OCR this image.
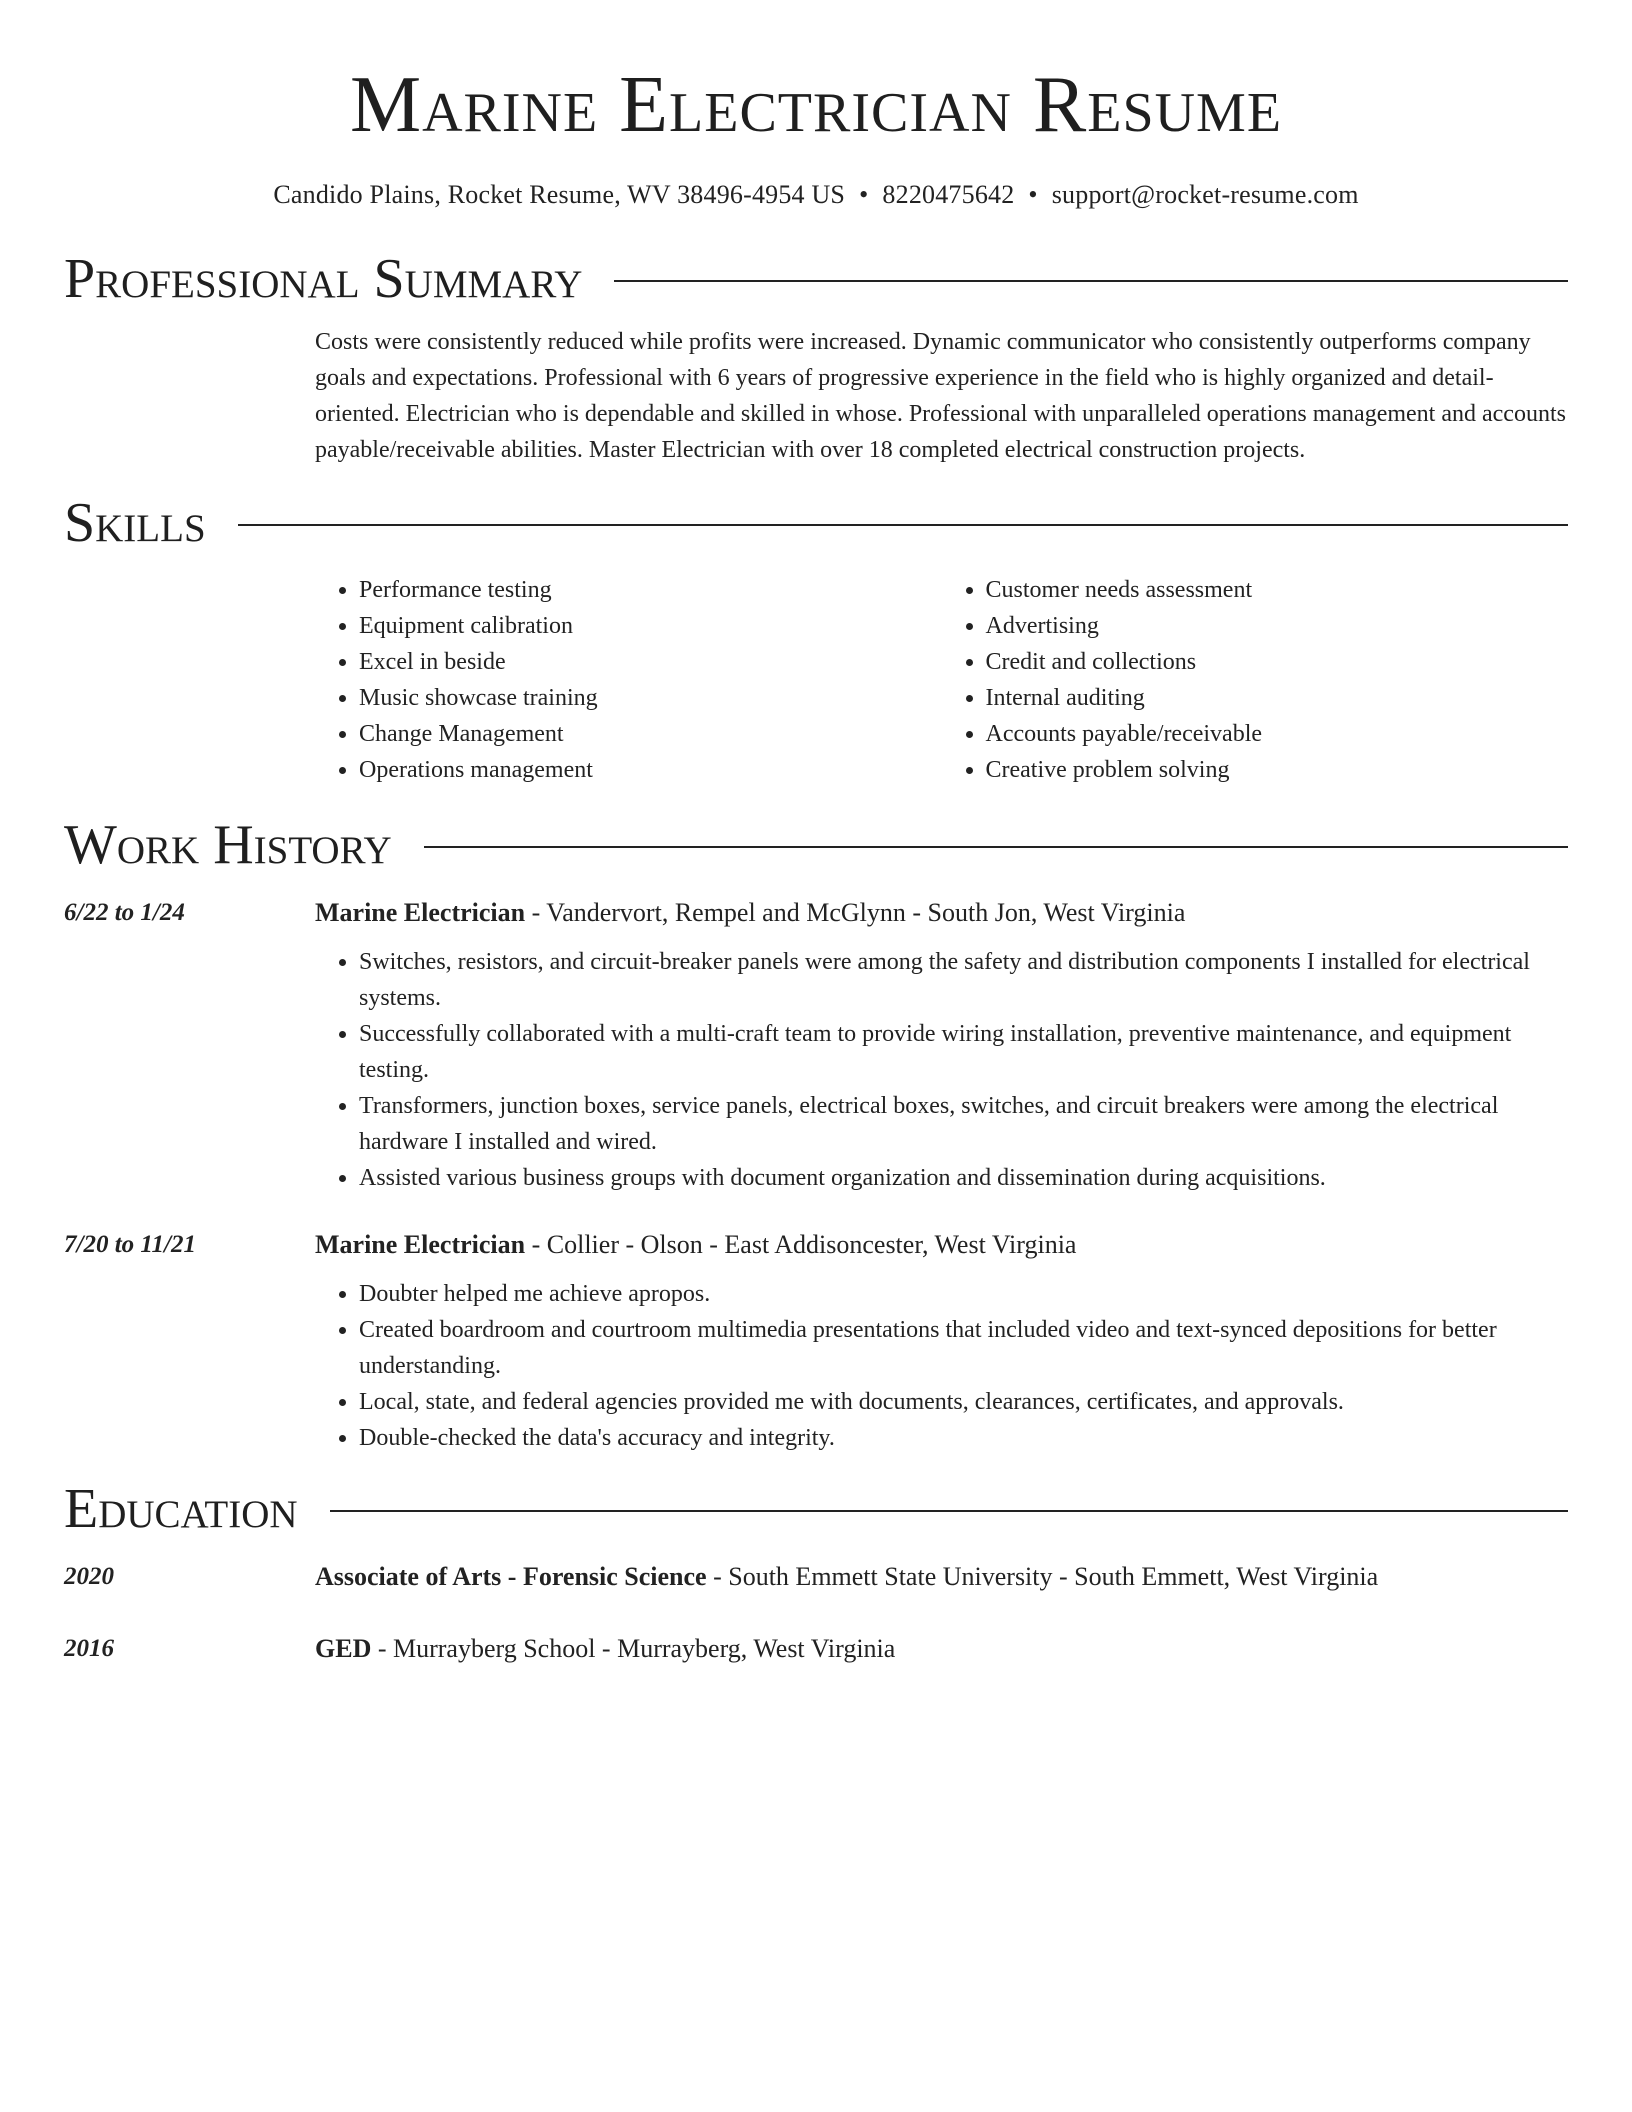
Marine Electrician Resume
Candido Plains, Rocket Resume, WV 38496-4954 US • 8220475642 • support@rocket-resume.com
Professional Summary

Costs were consistently reduced while profits were increased. Dynamic communicator who consistently outperforms company goals and expectations. Professional with 6 years of progressive experience in the field who is highly organized and detail-oriented. Electrician who is dependable and skilled in whose. Professional with unparalleled operations management and accounts payable/receivable abilities. Master Electrician with over 18 completed electrical construction projects.

Skills
• Performance testing
• Equipment calibration
• Excel in beside
• Music showcase training
• Change Management
• Operations management
• Customer needs assessment
• Advertising
• Credit and collections
• Internal auditing
• Accounts payable/receivable
• Creative problem solving
Work History
6/22 to 1/24	Marine Electrician - Vandervort, Rempel and McGlynn - South Jon, West Virginia
• Switches, resistors, and circuit-breaker panels were among the safety and distribution components I installed for electrical systems.
• Successfully collaborated with a multi-craft team to provide wiring installation, preventive maintenance, and equipment testing.
• Transformers, junction boxes, service panels, electrical boxes, switches, and circuit breakers were among the electrical hardware I installed and wired.
• Assisted various business groups with document organization and dissemination during acquisitions.
7/20 to 11/21	Marine Electrician - Collier - Olson - East Addisoncester, West Virginia
• Doubter helped me achieve apropos.
• Created boardroom and courtroom multimedia presentations that included video and text-synced depositions for better understanding.
• Local, state, and federal agencies provided me with documents, clearances, certificates, and approvals.
• Double-checked the data's accuracy and integrity.
Education
2020	Associate of Arts - Forensic Science - South Emmett State University - South Emmett, West Virginia
2016	GED - Murrayberg School - Murrayberg, West Virginia
